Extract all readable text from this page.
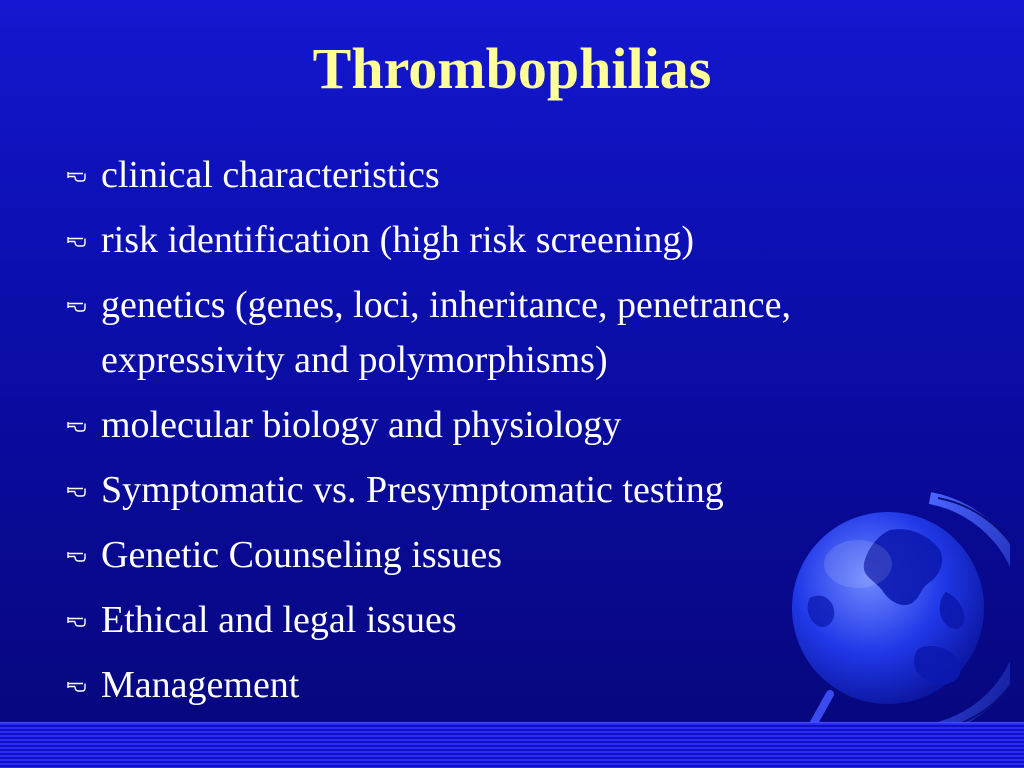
Thrombophilias
clinical characteristics
risk identification (high risk screening)
genetics (genes, loci, inheritance, penetrance, expressivity and polymorphisms)
molecular biology and physiology
Symptomatic vs. Presymptomatic testing
Genetic Counseling issues
Ethical and legal issues
Management
